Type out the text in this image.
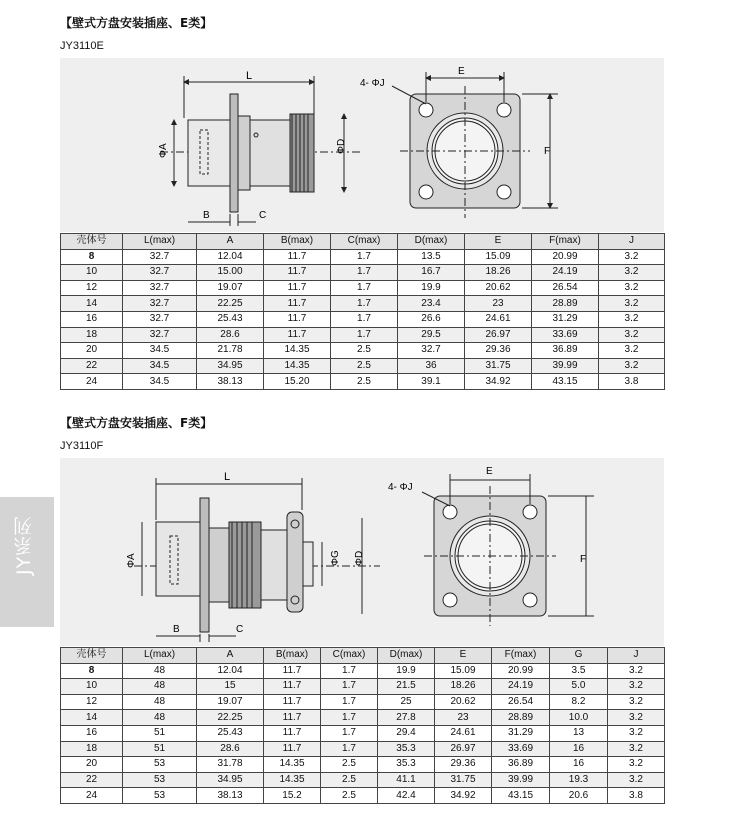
【壁式方盘安装插座、E类】
JY3110E
L
ΦA	ΦD
B	C
E
F
4- ΦJ
壳体号	L(max)	A	B(max)	C(max)	D(max)	E	F(max)	J
8	32.7	12.04	11.7	1.7	13.5	15.09	20.99	3.2
10	32.7	15.00	11.7	1.7	16.7	18.26	24.19	3.2
12	32.7	19.07	11.7	1.7	19.9	20.62	26.54	3.2
14	32.7	22.25	11.7	1.7	23.4	23	28.89	3.2
16	32.7	25.43	11.7	1.7	26.6	24.61	31.29	3.2
18	32.7	28.6	11.7	1.7	29.5	26.97	33.69	3.2
20	34.5	21.78	14.35	2.5	32.7	29.36	36.89	3.2
22	34.5	34.95	14.35	2.5	36	31.75	39.99	3.2
24	34.5	38.13	15.20	2.5	39.1	34.92	43.15	3.8
【壁式方盘安装插座、F类】
JY3110F
L
ΦA	ΦG ΦD
B	C
E
F
4- ΦJ
壳体号	L(max)	A	B(max)	C(max)	D(max)	E	F(max)	G	J
8	48	12.04	11.7	1.7	19.9	15.09	20.99	3.5	3.2
10	48	15	11.7	1.7	21.5	18.26	24.19	5.0	3.2
12	48	19.07	11.7	1.7	25	20.62	26.54	8.2	3.2
14	48	22.25	11.7	1.7	27.8	23	28.89	10.0	3.2
16	51	25.43	11.7	1.7	29.4	24.61	31.29	13	3.2
18	51	28.6	11.7	1.7	35.3	26.97	33.69	16	3.2
20	53	31.78	14.35	2.5	35.3	29.36	36.89	16	3.2
22	53	34.95	14.35	2.5	41.1	31.75	39.99	19.3	3.2
24	53	38.13	15.2	2.5	42.4	34.92	43.15	20.6	3.8
JY系列
